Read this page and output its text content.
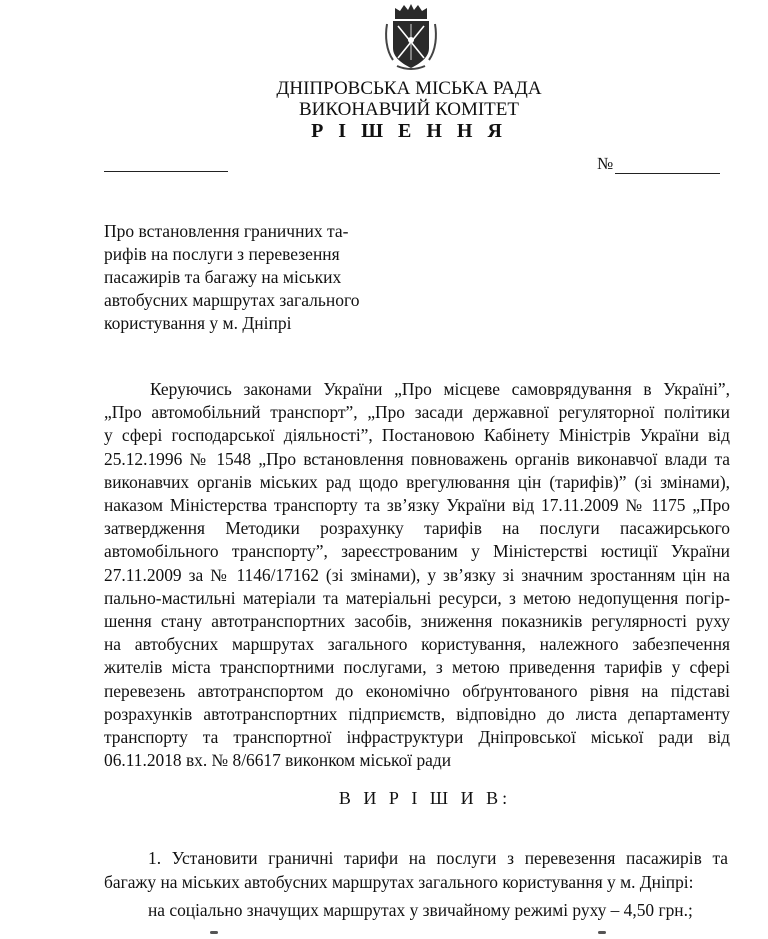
ДНІПРОВСЬКА МІСЬКА РАДА
ВИКОНАВЧИЙ КОМІТЕТ
Р І Ш Е Н Н Я
№
Про встановлення граничних та-
рифів на послуги з перевезення
пасажирів та багажу на міських
автобусних маршрутах загального
користування у м. Дніпрі
Керуючись законами України „Про місцеве самоврядування в Україні”,
„Про автомобільний транспорт”, „Про засади державної регуляторної політики
у сфері господарської діяльності”, Постановою Кабінету Міністрів України від
25.12.1996 № 1548 „Про встановлення повноважень органів виконавчої влади та
виконавчих органів міських рад щодо врегулювання цін (тарифів)” (зі змінами),
наказом Міністерства транспорту та зв’язку України від 17.11.2009 № 1175 „Про
затвердження Методики розрахунку тарифів на послуги пасажирського
автомобільного транспорту”, зареєстрованим у Міністерстві юстиції України
27.11.2009 за № 1146/17162 (зі змінами), у зв’язку зі значним зростанням цін на
пально-мастильні матеріали та матеріальні ресурси, з метою недопущення погір-
шення стану автотранспортних засобів, зниження показників регулярності руху
на автобусних маршрутах загального користування, належного забезпечення
жителів міста транспортними послугами, з метою приведення тарифів у сфері
перевезень автотранспортом до економічно обґрунтованого рівня на підставі
розрахунків автотранспортних підприємств, відповідно до листа департаменту
транспорту та транспортної інфраструктури Дніпровської міської ради від
06.11.2018 вх. № 8/6617 виконком міської ради
В И Р І Ш И В:
1. Установити граничні тарифи на послуги з перевезення пасажирів та
багажу на міських автобусних маршрутах загального користування у м. Дніпрі:
на соціально значущих маршрутах у звичайному режимі руху – 4,50 грн.;
